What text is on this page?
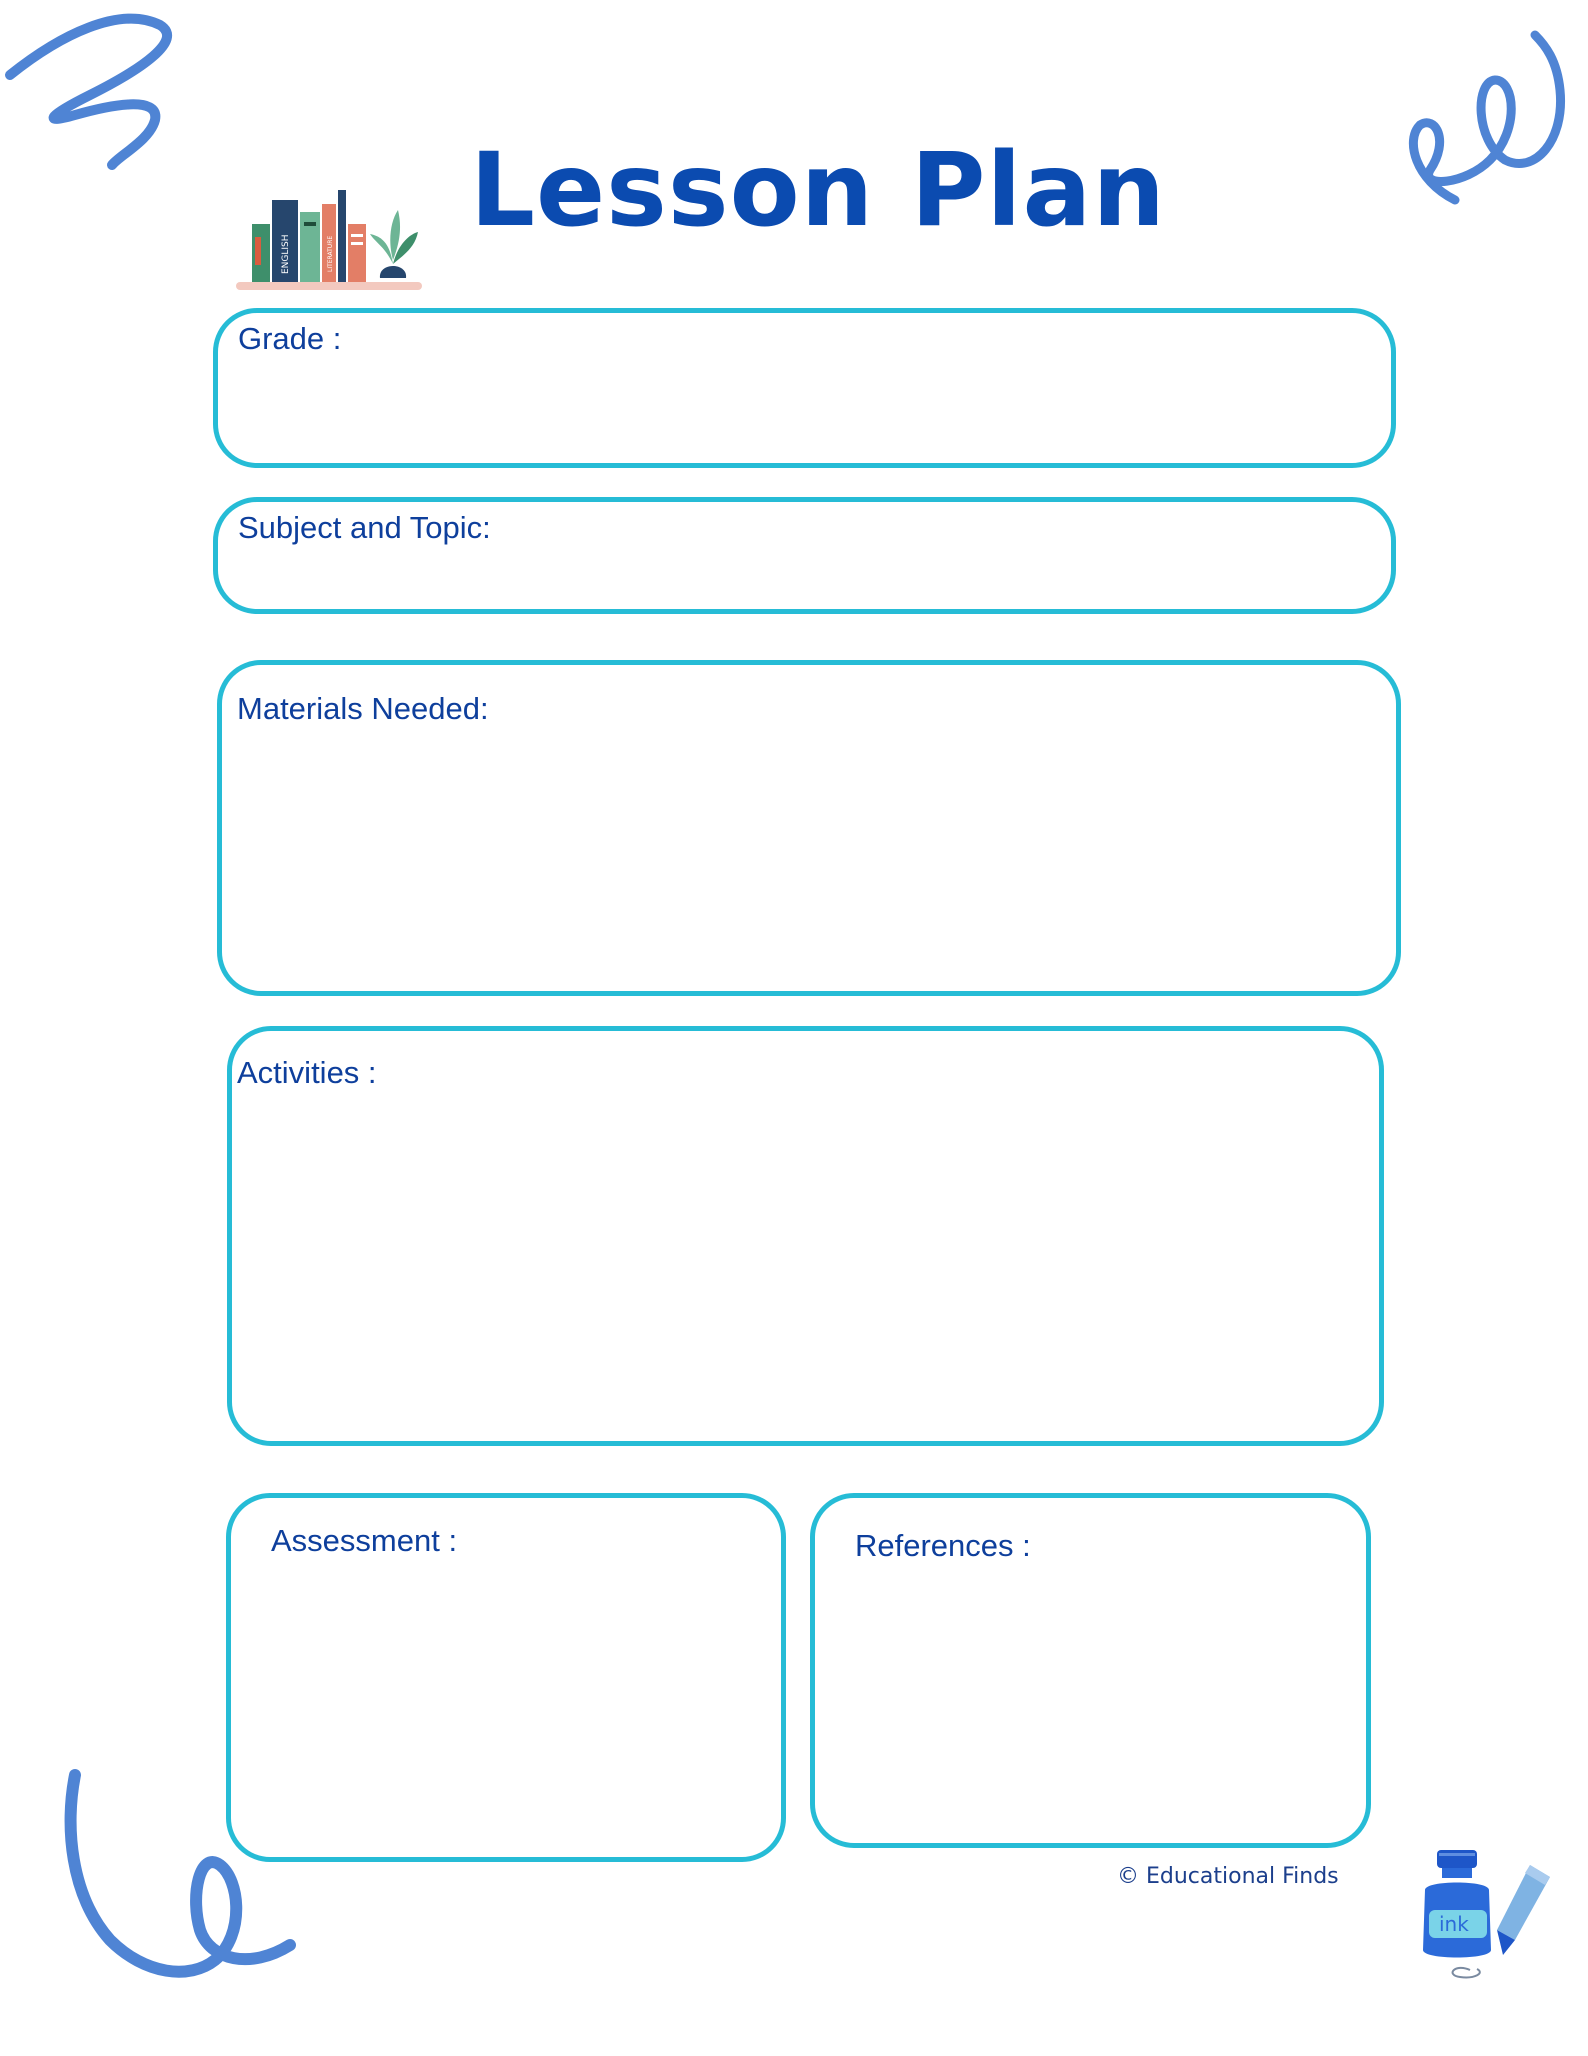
ENGLISH	LITERATURE
Lesson Plan
Grade :
Subject and Topic:
Materials Needed:
Activities :
Assessment :	References :
© Educational Finds
ink
